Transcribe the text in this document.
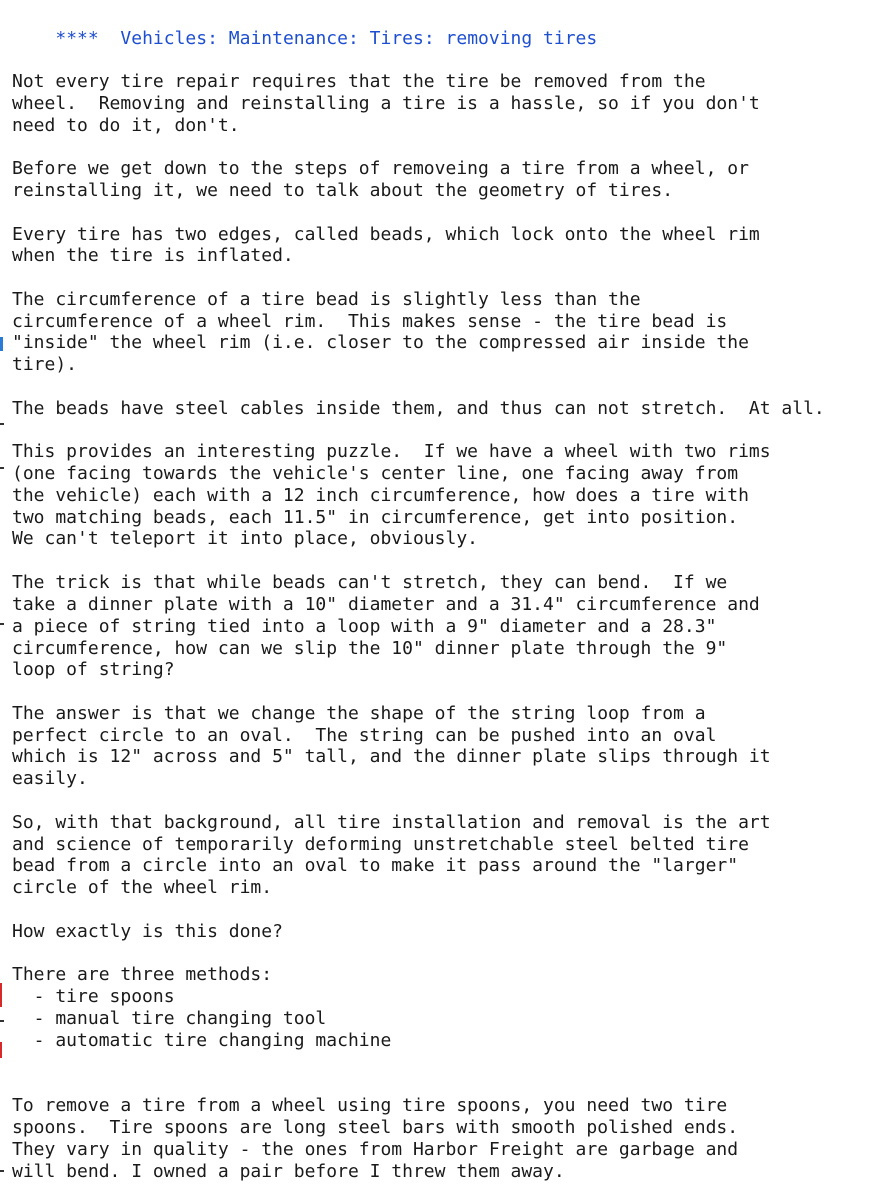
**** Vehicles: Maintenance: Tires: removing tires

Not every tire repair requires that the tire be removed from the
wheel.  Removing and reinstalling a tire is a hassle, so if you don't
need to do it, don't.
Before we get down to the steps of removeing a tire from a wheel, or
reinstalling it, we need to talk about the geometry of tires.
Every tire has two edges, called beads, which lock onto the wheel rim
when the tire is inflated.
The circumference of a tire bead is slightly less than the
circumference of a wheel rim.  This makes sense - the tire bead is
"inside" the wheel rim (i.e. closer to the compressed air inside the
tire).
The beads have steel cables inside them, and thus can not stretch.  At all.
This provides an interesting puzzle.  If we have a wheel with two rims
(one facing towards the vehicle's center line, one facing away from
the vehicle) each with a 12 inch circumference, how does a tire with
two matching beads, each 11.5" in circumference, get into position.
We can't teleport it into place, obviously.
The trick is that while beads can't stretch, they can bend.  If we
take a dinner plate with a 10" diameter and a 31.4" circumference and
a piece of string tied into a loop with a 9" diameter and a 28.3"
circumference, how can we slip the 10" dinner plate through the 9"
loop of string?
The answer is that we change the shape of the string loop from a
perfect circle to an oval.  The string can be pushed into an oval
which is 12" across and 5" tall, and the dinner plate slips through it
easily.
So, with that background, all tire installation and removal is the art
and science of temporarily deforming unstretchable steel belted tire
bead from a circle into an oval to make it pass around the "larger"
circle of the wheel rim.
How exactly is this done?
There are three methods:
- tire spoons
- manual tire changing tool
- automatic tire changing machine
To remove a tire from a wheel using tire spoons, you need two tire
spoons.  Tire spoons are long steel bars with smooth polished ends.
They vary in quality - the ones from Harbor Freight are garbage and
will bend. I owned a pair before I threw them away.
